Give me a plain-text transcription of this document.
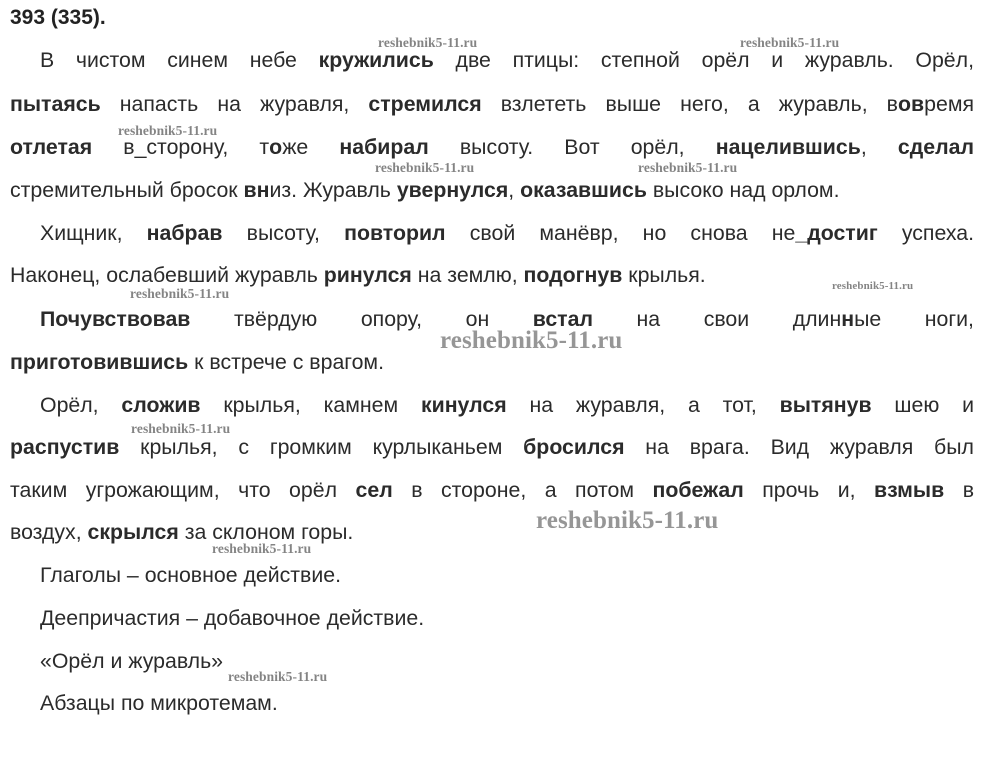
393 (335).
В чистом синем небе кружились две птицы: степной орёл и журавль. Орёл,
пытаясь напасть на журавля, стремился взлететь выше него, а журавль, вовремя
отлетая в_сторону, тоже набирал высоту. Вот орёл, нацелившись, сделал
стремительный бросок вниз. Журавль увернулся, оказавшись высоко над орлом.
Хищник, набрав высоту, повторил свой манёвр, но снова не_достиг успеха.
Наконец, ослабевший журавль ринулся на землю, подогнув крылья.
Почувствовав твёрдую опору, он встал на свои длинные ноги,
приготовившись к встрече с врагом.
Орёл, сложив крылья, камнем кинулся на журавля, а тот, вытянув шею и
распустив крылья, с громким курлыканьем бросился на врага. Вид журавля был
таким угрожающим, что орёл сел в стороне, а потом побежал прочь и, взмыв в
воздух, скрылся за склоном горы.
Глаголы – основное действие.
Деепричастия – добавочное действие.
«Орёл и журавль»
Абзацы по микротемам.
reshebnik5-11.ru	reshebnik5-11.ru
reshebnik5-11.ru
reshebnik5-11.ru	reshebnik5-11.ru
reshebnik5-11.ru
reshebnik5-11.ru
reshebnik5-11.ru
reshebnik5-11.ru
reshebnik5-11.ru
reshebnik5-11.ru
reshebnik5-11.ru
